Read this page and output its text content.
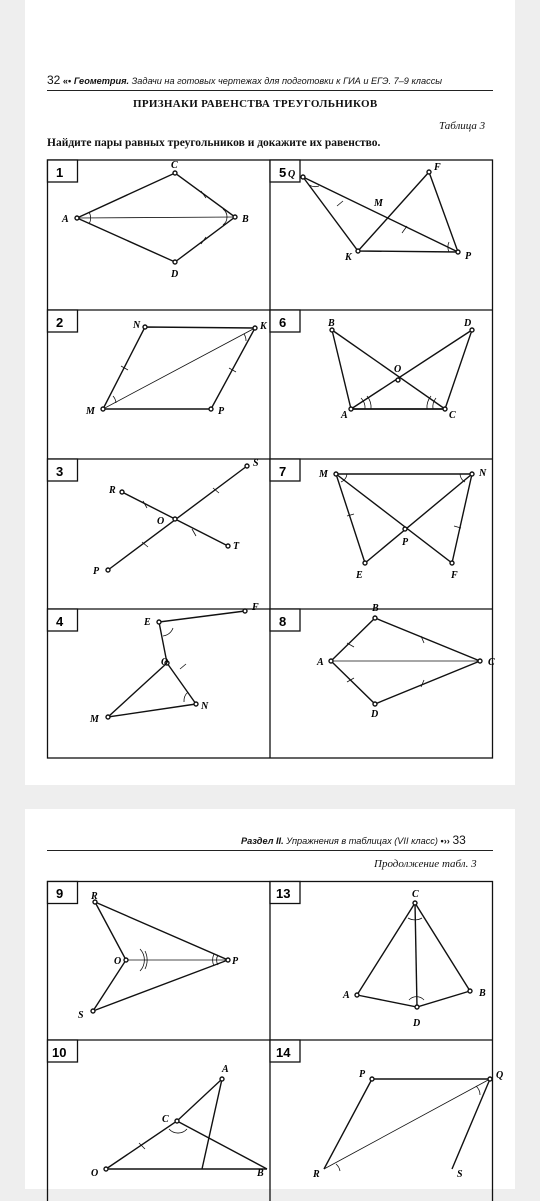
32 «• Геометрия. Задачи на готовых чертежах для подготовки к ГИА и ЕГЭ. 7–9 классы
ПРИЗНАКИ РАВЕНСТВА ТРЕУГОЛЬНИКОВ
Таблица 3
Найдите пары равных треугольников и докажите их равенство.
1	5
2	6
3	7
4	8
C
A	B
D
Q
F
M
K	P
N	K
M	P
B	D
O
A	C
S
R
O
T
P
M	N
P
E	F
F
E
O
N
M
B
A	C
D
Раздел II. Упражнения в таблицах (VII класс) •›› 33
Продолжение табл. 3
9	13
10	14
R
O	P
S
C
A	B
D
A
C
O	B
P	Q
R	S
